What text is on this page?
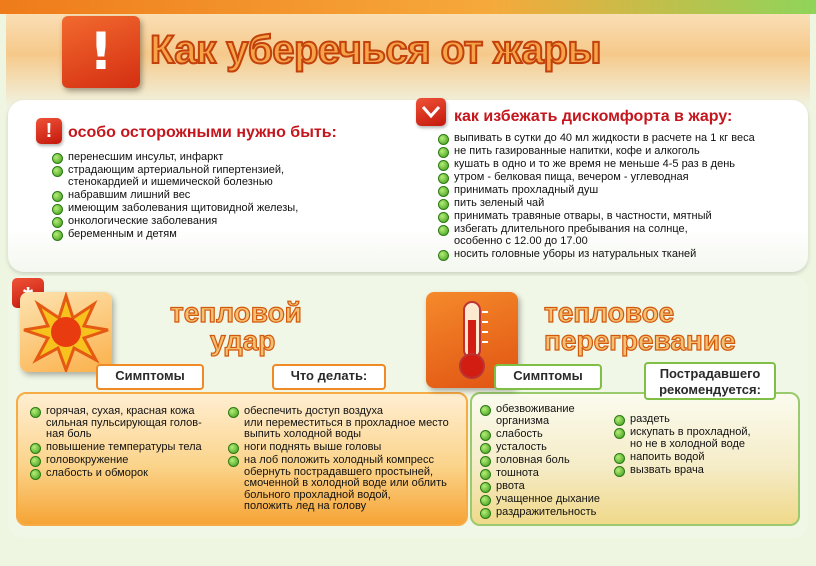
! Как уберечься от жары
! особо осторожными нужно быть:
перенесшим инсульт, инфаркт
страдающим артериальной гипертензией,
стенокардией и ишемической болезнью
набравшим лишний вес
имеющим заболевания щитовидной железы,
онкологические заболевания
беременным и детям
как избежать дискомфорта в жару:
выпивать в сутки до 40 мл жидкости в расчете на 1 кг веса
не пить газированные напитки, кофе и алкоголь
кушать в одно и то же время не меньше 4-5 раз в день
утром - белковая пища, вечером - углеводная
принимать прохладный душ
пить зеленый чай
принимать травяные отвары, в частности, мятный
избегать длительного пребывания на солнце,
особенно с 12.00 до 17.00
носить головные уборы из натуральных тканей
тепловой
удар
Симптомы	Что делать:
горячая, сухая, красная кожа
сильная пульсирующая голов-
ная боль
повышение температуры тела
головокружение
слабость и обморок
обеспечить доступ воздуха
или переместиться в прохладное место
выпить холодной воды
ноги поднять выше головы
на лоб положить холодный компресс
обернуть пострадавшего простыней,
смоченной в холодной воде или облить
больного прохладной водой,
положить лед на голову
тепловое
перегревание
Симптомы	Пострадавшего
рекомендуется:
обезвоживание
организма
слабость
усталость
головная боль
тошнота
рвота
учащенное дыхание
раздражительность
раздеть
искупать в прохладной,
но не в холодной воде
напоить водой
вызвать врача
